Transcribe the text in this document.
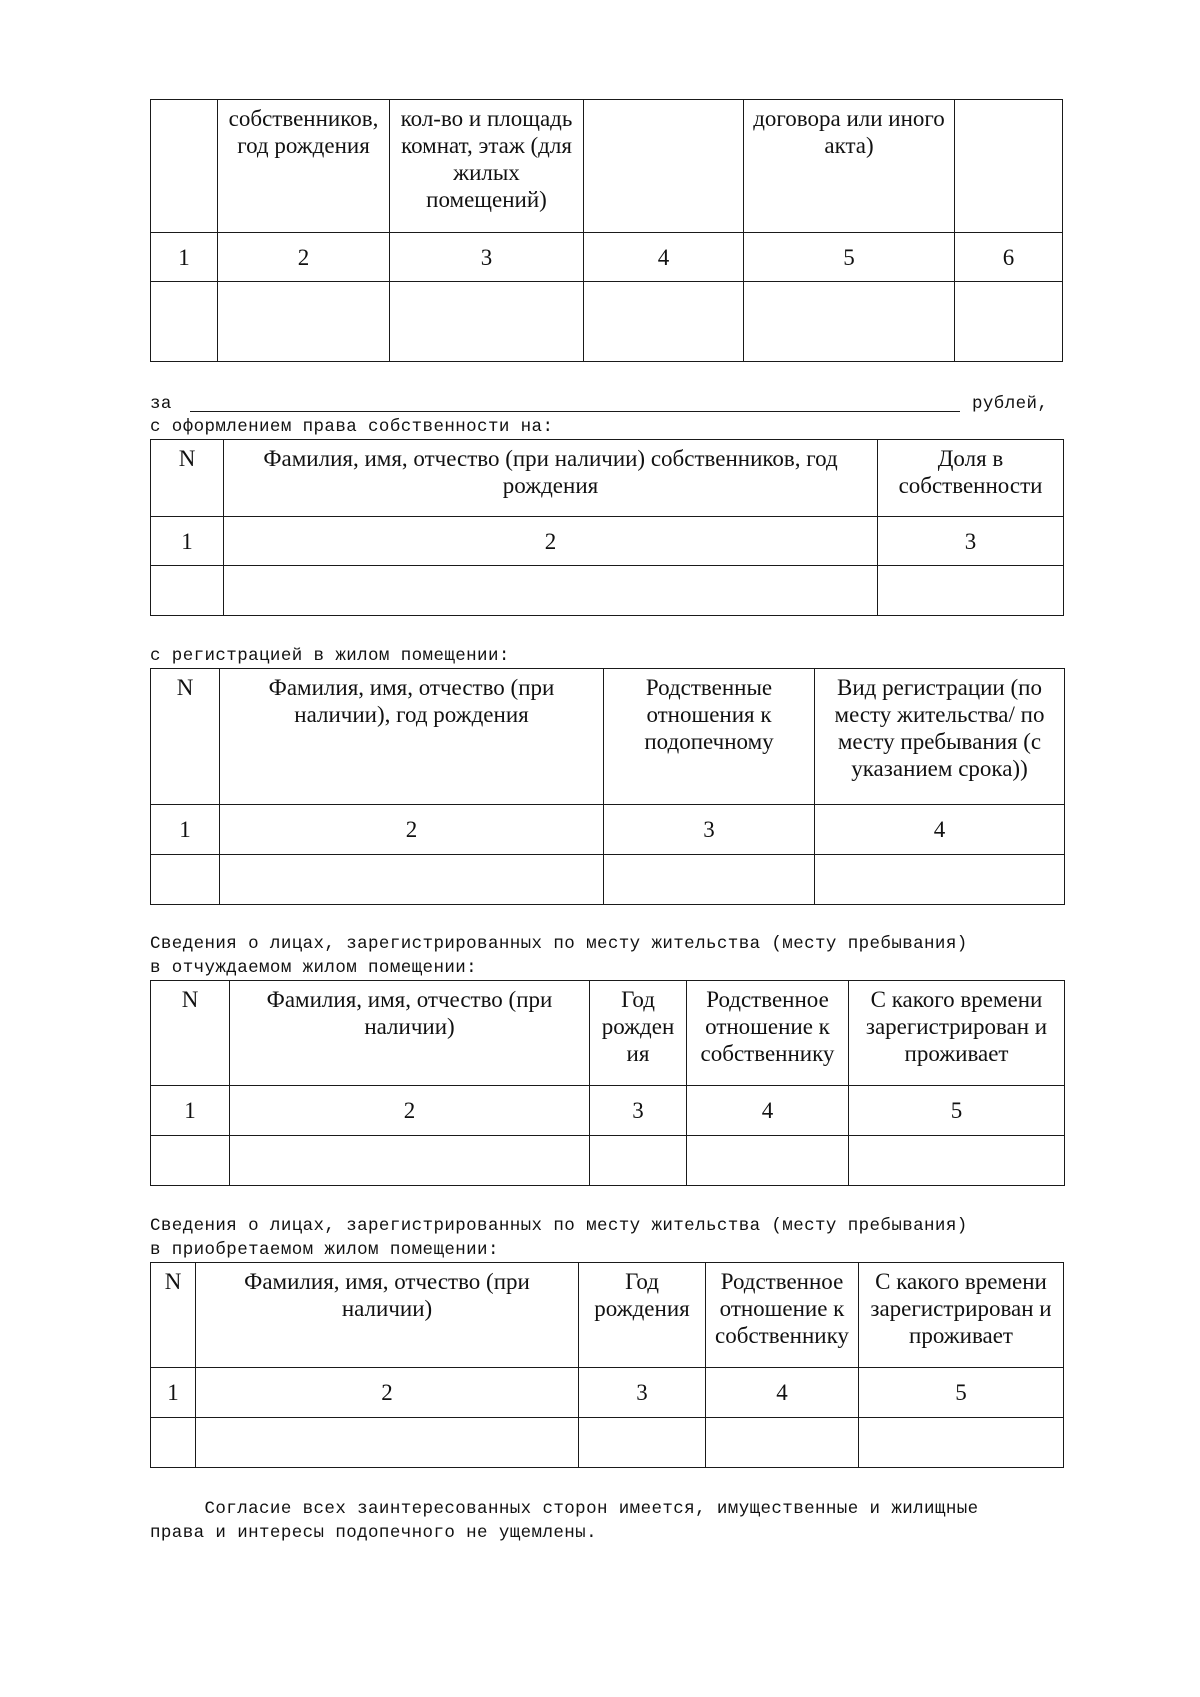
	собственников, год рождения	кол-во и площадь комнат, этаж (для жилых помещений)		договора или иного акта)	
1	2	3	4	5	6

за	рублей,
с оформлением права собственности на:
N	Фамилия, имя, отчество (при наличии) собственников, год рождения	Доля в собственности
1	2	3

с регистрацией в жилом помещении:
N	Фамилия, имя, отчество (при наличии), год рождения	Родственные отношения к подопечному	Вид регистрации (по месту жительства/ по месту пребывания (с указанием срока))
1	2	3	4

Сведения о лицах, зарегистрированных по месту жительства (месту пребывания)
в отчуждаемом жилом помещении:
N	Фамилия, имя, отчество (при наличии)	Год рожден ия	Родственное отношение к собственнику	С какого времени зарегистрирован и проживает
1	2	3	4	5

Сведения о лицах, зарегистрированных по месту жительства (месту пребывания)
в приобретаемом жилом помещении:
N	Фамилия, имя, отчество (при наличии)	Год рождения	Родственное отношение к собственнику	С какого времени зарегистрирован и проживает
1	2	3	4	5

Согласие всех заинтересованных сторон имеется, имущественные и жилищные
права и интересы подопечного не ущемлены.
